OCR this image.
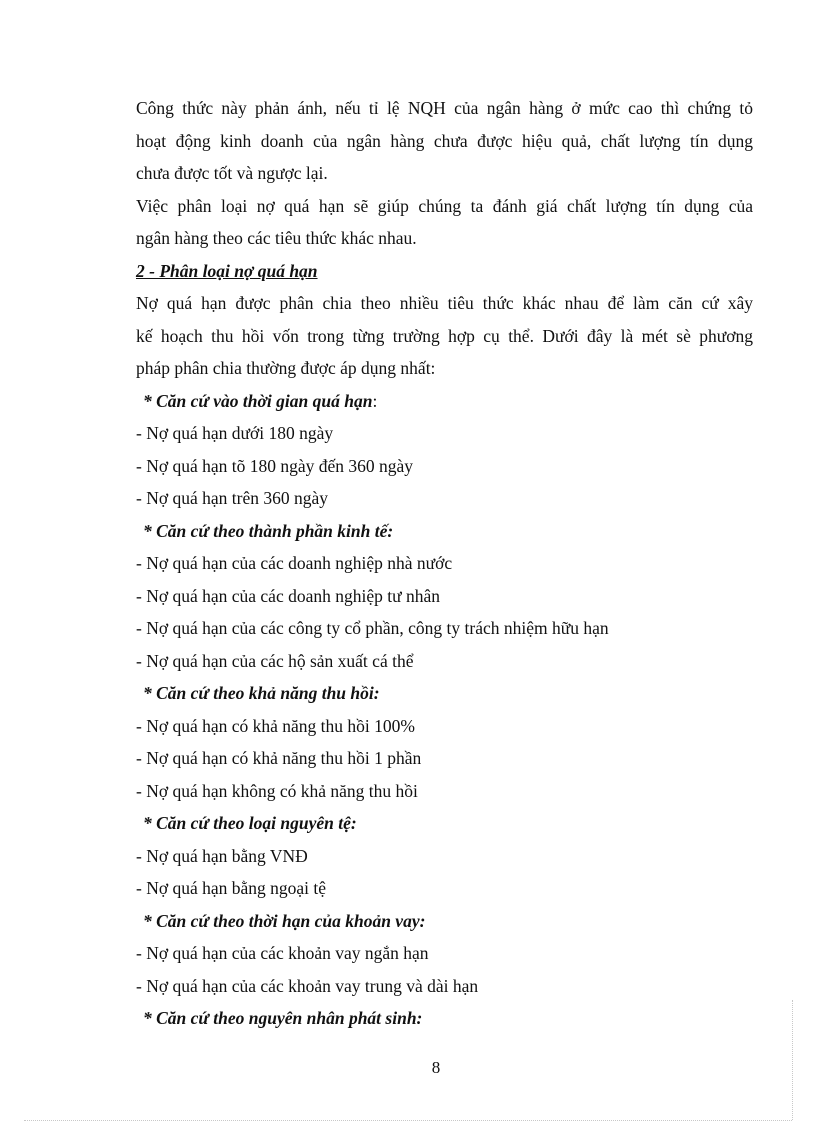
Công thức này phản ánh, nếu tỉ lệ NQH của ngân hàng ở mức cao thì chứng tỏ

hoạt động kinh doanh của ngân hàng chưa được hiệu quả, chất lượng tín dụng

chưa được tốt và ngược lại.

Việc phân loại nợ quá hạn sẽ giúp chúng ta đánh giá chất lượng tín dụng của

ngân hàng theo các tiêu thức khác nhau.

2 - Phân loại nợ quá hạn

Nợ quá hạn được phân chia theo nhiều tiêu thức khác nhau để làm căn cứ xây

kế hoạch thu hồi vốn trong từng trường hợp cụ thể. Dưới đây là mét sè phương

pháp phân chia thường được áp dụng nhất:

* Căn cứ vào thời gian quá hạn:

- Nợ quá hạn dưới 180 ngày

- Nợ quá hạn tõ 180 ngày đến 360 ngày

- Nợ quá hạn trên 360 ngày

* Căn cứ theo thành phần kinh tế:

- Nợ quá hạn của các doanh nghiệp nhà nước

- Nợ quá hạn của các doanh nghiệp tư nhân

- Nợ quá hạn của các công ty cổ phần, công ty trách nhiệm hữu hạn

- Nợ quá hạn của các hộ sản xuất cá thể

* Căn cứ theo khả năng thu hồi:

- Nợ quá hạn có khả năng thu hồi 100%

- Nợ quá hạn có khả năng thu hồi 1 phần

- Nợ quá hạn không có khả năng thu hồi

* Căn cứ theo loại nguyên tệ:

- Nợ quá hạn bằng VNĐ

- Nợ quá hạn bằng ngoại tệ

* Căn cứ theo thời hạn của khoản vay:

- Nợ quá hạn của các khoản vay ngắn hạn

- Nợ quá hạn của các khoản vay trung và dài hạn

* Căn cứ theo nguyên nhân phát sinh:

8
